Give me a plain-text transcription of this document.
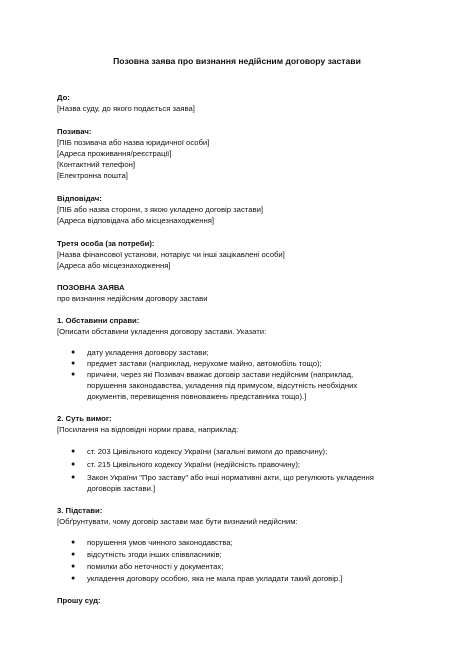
Позовна заява про визнання недійсним договору застави
До:
[Назва суду, до якого подається заява]
Позивач:
[ПІБ позивача або назва юридичної особи]
[Адреса проживання/реєстрації]
[Контактний телефон]
[Електронна пошта]
Відповідач:
[ПІБ або назва сторони, з якою укладено договір застави]
[Адреса відповідача або місцезнаходження]
Третя особа (за потреби):
[Назва фінансової установи, нотаріус чи інші зацікавлені особи]
[Адреса або місцезнаходження]
ПОЗОВНА ЗАЯВА
про визнання недійсним договору застави
1. Обставини справи:
[Описати обставини укладення договору застави. Указати:
● дату укладення договору застави;
● предмет застави (наприклад, нерухоме майно, автомобіль тощо);
● причини, через які Позивач вважає договір застави недійсним (наприклад,
порушення законодавства, укладення під примусом, відсутність необхідних
документів, перевищення повноважень представника тощо).]
2. Суть вимог:
[Посилання на відповідні норми права, наприклад:
● ст. 203 Цивільного кодексу України (загальні вимоги до правочину);
● ст. 215 Цивільного кодексу України (недійсність правочину);
● Закон України "Про заставу" або інші нормативні акти, що регулюють укладення
договорів застави.]
3. Підстави:
[Обґрунтувати, чому договір застави має бути визнаний недійсним:
● порушення умов чинного законодавства;
● відсутність згоди інших співвласників;
● помилки або неточності у документах;
● укладення договору особою, яка не мала прав укладати такий договір.]
Прошу суд:
